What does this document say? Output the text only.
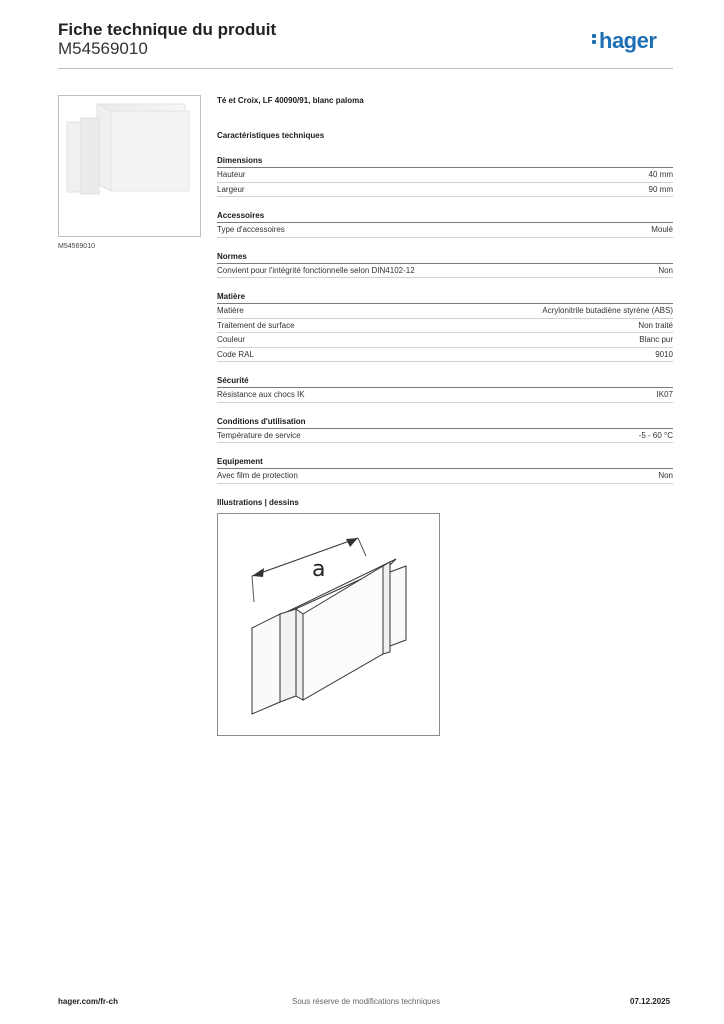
Fiche technique du produit
M54569010	hager
M54569010
Té et Croix, LF 40090/91, blanc paloma
Caractéristiques techniques
Dimensions
Hauteur	40 mm
Largeur	90 mm
Accessoires
Type d'accessoires	Moulé
Normes
Convient pour l'intégrité fonctionnelle selon DIN4102-12	Non
Matière
Matière	Acrylonitrile butadiène styrène (ABS)
Traitement de surface	Non traité
Couleur	Blanc pur
Code RAL	9010
Sécurité
Résistance aux chocs IK	IK07
Conditions d'utilisation
Température de service	-5 - 60 °C
Equipement
Avec film de protection	Non
Illustrations | dessins
a
hager.com/fr-ch	Sous réserve de modifications techniques	07.12.2025
